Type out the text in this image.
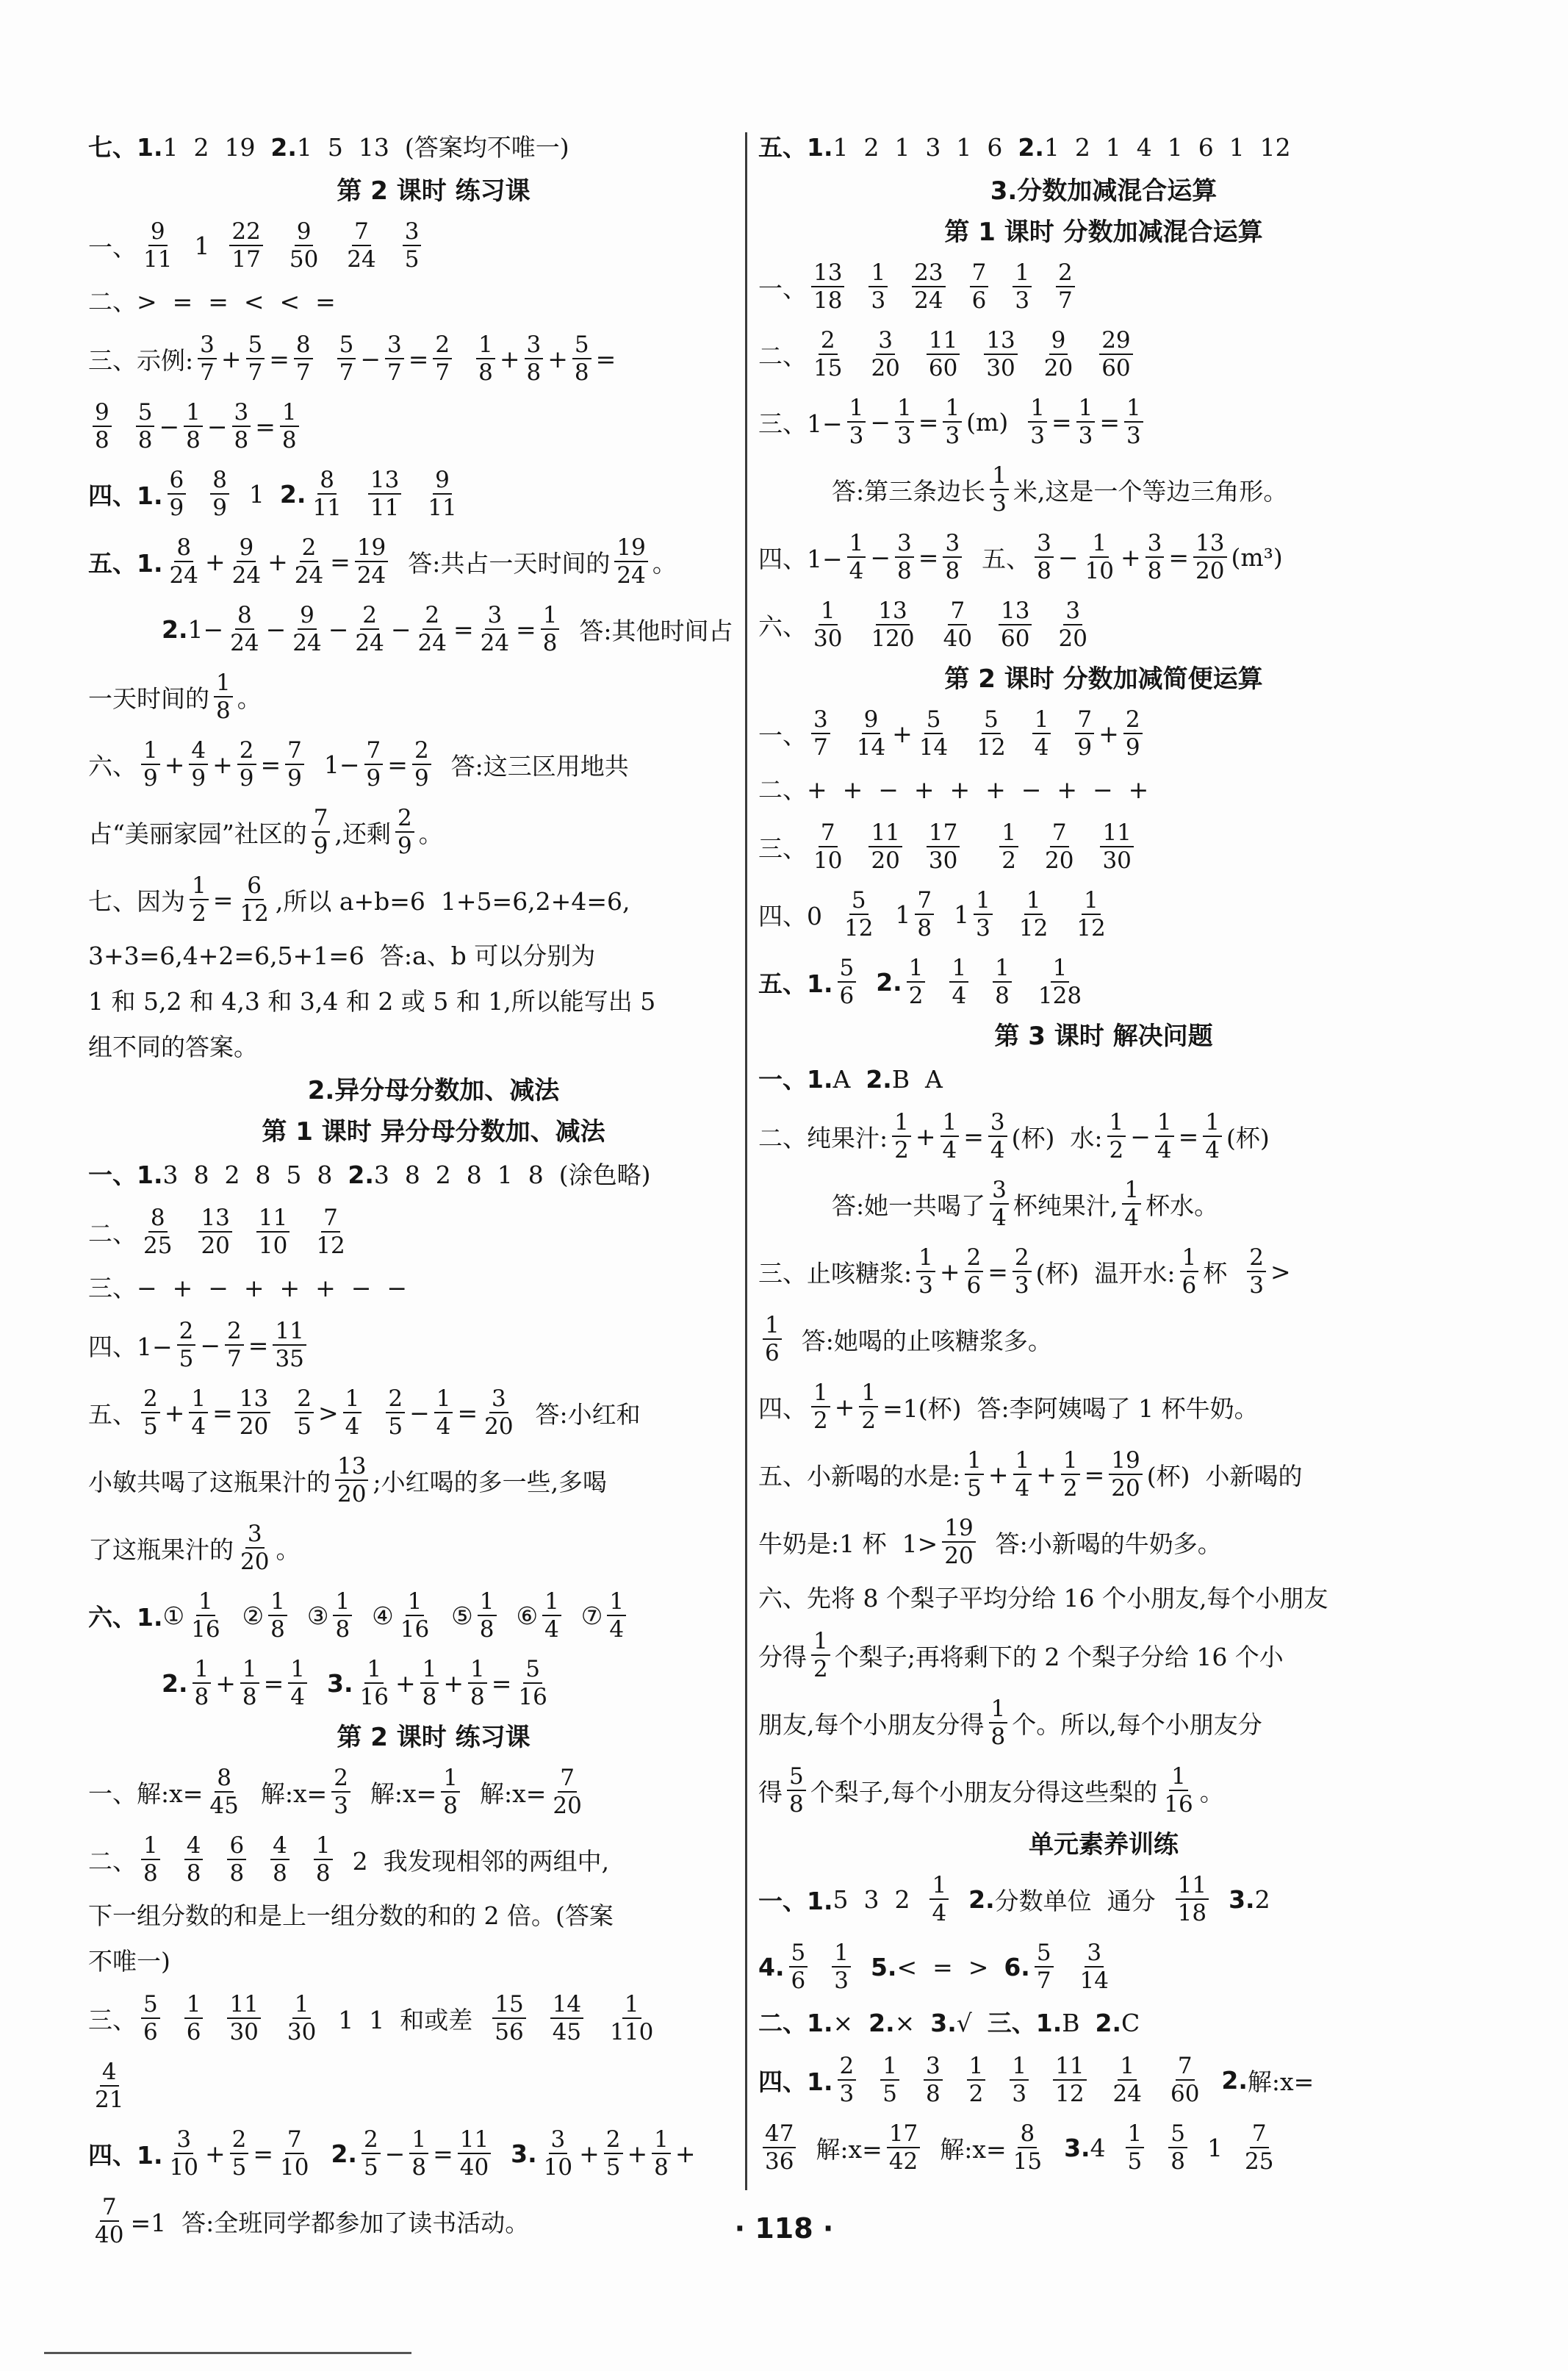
七、1. 1  2  19 2. 1  5  13  (答案均不唯一)
第 2 课时 练习课
一、 $\frac{9}{11} 1 \frac{22}{17}$
$\frac{9}{50}$
$\frac{7}{24}$
$\frac{3}{5}$
二、>  =  =  <  <  =
三、示例: $\frac{3}{7} + \frac{5}{7} = \frac{8}{7}$
$\frac{5}{7} - \frac{3}{7} = \frac{2}{7}$
$\frac{1}{8} + \frac{3}{8} + \frac{5}{8}$ =
$\frac{9}{8}$
$\frac{5}{8} - \frac{1}{8} - \frac{3}{8} = \frac{1}{8}$
四、1. $\frac{6}{9}$
$\frac{8}{9} 1$ 2. $\frac{8}{11}$
$\frac{13}{11}$
$\frac{9}{11}$
五、1. $\frac{8}{24} + \frac{9}{24} + \frac{2}{24} = \frac{19}{24}$ 答:共占一天时间的 $\frac{19}{24}$ 。
2. $1- \frac{8}{24} - \frac{9}{24} - \frac{2}{24} - \frac{2}{24} = \frac{3}{24} = \frac{1}{8}$ 答:其他时间占
一天时间的 $\frac{1}{8}$ 。
六、 $\frac{1}{9} + \frac{4}{9} + \frac{2}{9} = \frac{7}{9} 1- \frac{7}{9} = \frac{2}{9}$ 答:这三区用地共
占“美丽家园”社区的 $\frac{7}{9}$ ,还剩 $\frac{2}{9}$ 。
七、因为 $\frac{1}{2} = \frac{6}{12}$ ,所以 a+b=6  1+5=6,2+4=6,
3+3=6,4+2=6,5+1=6  答:a、b 可以分别为
1 和 5,2 和 4,3 和 3,4 和 2 或 5 和 1,所以能写出 5
组不同的答案。
2.异分母分数加、减法
第 1 课时 异分母分数加、减法
一、1. 3  8  2  8  5  8 2. 3  8  2  8  1  8  (涂色略)
二、 $\frac{8}{25}$
$\frac{13}{20}$
$\frac{11}{10}$
$\frac{7}{12}$
三、−  +  −  +  +  +  −  −
四、$1- \frac{2}{5} - \frac{2}{7} = \frac{11}{35}$
五、 $\frac{2}{5} + \frac{1}{4} = \frac{13}{20}$
$\frac{2}{5} > \frac{1}{4}$
$\frac{2}{5} - \frac{1}{4} = \frac{3}{20}$ 答:小红和
小敏共喝了这瓶果汁的 $\frac{13}{20}$ ;小红喝的多一些,多喝
了这瓶果汁的 $\frac{3}{20}$ 。
六、1. ① $\frac{1}{16}$ ② $\frac{1}{8}$ ③ $\frac{1}{8}$ ④ $\frac{1}{16}$ ⑤ $\frac{1}{8}$ ⑥ $\frac{1}{4}$ ⑦ $\frac{1}{4}$
2. $\frac{1}{8} + \frac{1}{8} = \frac{1}{4}$
3. $\frac{1}{16} + \frac{1}{8} + \frac{1}{8} = \frac{5}{16}$
第 2 课时 练习课
一、解:x= $\frac{8}{45}$ 解:x= $\frac{2}{3}$ 解:x= $\frac{1}{8}$ 解:x= $\frac{7}{20}$
二、 $\frac{1}{8}$
$\frac{4}{8}$
$\frac{6}{8}$
$\frac{4}{8}$
$\frac{1}{8} 2$  我发现相邻的两组中,
下一组分数的和是上一组分数的和的 2 倍。(答案
不唯一)
三、 $\frac{5}{6}$
$\frac{1}{6}$
$\frac{11}{30}$
$\frac{1}{30} 1$  1  和或差 $\frac{15}{56}$
$\frac{14}{45}$
$\frac{1}{110}$
$\frac{4}{21}$
四、1. $\frac{3}{10} + \frac{2}{5} = \frac{7}{10}$
2. $\frac{2}{5} - \frac{1}{8} = \frac{11}{40}$
3. $\frac{3}{10} + \frac{2}{5} + \frac{1}{8}$ +
$\frac{7}{40} =1$  答:全班同学都参加了读书活动。
五、1. 1  2  1  3  1  6 2. 1  2  1  4  1  6  1  12
3.分数加减混合运算
第 1 课时 分数加减混合运算
一、 $\frac{13}{18}$
$\frac{1}{3}$
$\frac{23}{24}$
$\frac{7}{6}$
$\frac{1}{3}$
$\frac{2}{7}$
二、 $\frac{2}{15}$
$\frac{3}{20}$
$\frac{11}{60}$
$\frac{13}{30}$
$\frac{9}{20}$
$\frac{29}{60}$
三、$1- \frac{1}{3} - \frac{1}{3} = \frac{1}{3} (m) \frac{1}{3} = \frac{1}{3} = \frac{1}{3}$
答:第三条边长 $\frac{1}{3}$ 米,这是一个等边三角形。
四、$1- \frac{1}{4} - \frac{3}{8} = \frac{3}{8}$ 五、 $\frac{3}{8} - \frac{1}{10} + \frac{3}{8} = \frac{13}{20} (m^3)$
六、 $\frac{1}{30}$
$\frac{13}{120}$
$\frac{7}{40}$
$\frac{13}{60}$
$\frac{3}{20}$
第 2 课时 分数加减简便运算
一、 $\frac{3}{7}$
$\frac{9}{14} + \frac{5}{14}$
$\frac{5}{12}$
$\frac{1}{4}$
$\frac{7}{9} + \frac{2}{9}$
二、+  +  −  +  +  +  −  +  −  +
三、 $\frac{7}{10}$
$\frac{11}{20}$
$\frac{17}{30}$
$\frac{1}{2}$
$\frac{7}{20}$
$\frac{11}{30}$
四、$0 \frac{5}{12} 1 \frac{7}{8} 1 \frac{1}{3}$
$\frac{1}{12}$
$\frac{1}{12}$
五、1. $\frac{5}{6}$
2. $\frac{1}{2}$
$\frac{1}{4}$
$\frac{1}{8}$
$\frac{1}{128}$
第 3 课时 解决问题
一、1. A 2. B  A
二、纯果汁: $\frac{1}{2} + \frac{1}{4} = \frac{3}{4}$ (杯)  水: $\frac{1}{2} - \frac{1}{4} = \frac{1}{4}$ (杯)
答:她一共喝了 $\frac{3}{4}$ 杯纯果汁, $\frac{1}{4}$ 杯水。
三、止咳糖浆: $\frac{1}{3} + \frac{2}{6} = \frac{2}{3}$ (杯)  温开水: $\frac{1}{6}$ 杯 $\frac{2}{3}$ >
$\frac{1}{6}$ 答:她喝的止咳糖浆多。
四、 $\frac{1}{2} + \frac{1}{2} =1$(杯)  答:李阿姨喝了 1 杯牛奶。
五、小新喝的水是: $\frac{1}{5} + \frac{1}{4} + \frac{1}{2} = \frac{19}{20}$ (杯)  小新喝的
牛奶是:1 杯  $1> \frac{19}{20}$ 答:小新喝的牛奶多。
六、先将 8 个梨子平均分给 16 个小朋友,每个小朋友
分得 $\frac{1}{2}$ 个梨子;再将剩下的 2 个梨子分给 16 个小
朋友,每个小朋友分得 $\frac{1}{8}$ 个。所以,每个小朋友分
得 $\frac{5}{8}$ 个梨子,每个小朋友分得这些梨的 $\frac{1}{16}$ 。
单元素养训练
一、1. 5  3  $2 \frac{1}{4}$
2. 分数单位  通分 $\frac{11}{18}$
3. 2
4. $\frac{5}{6}$
$\frac{1}{3}$
5. <  =  > 6. $\frac{5}{7}$
$\frac{3}{14}$
二、1. × 2. × 3. √ 三、1. B 2. C
四、1. $\frac{2}{3}$
$\frac{1}{5}$
$\frac{3}{8}$
$\frac{1}{2}$
$\frac{1}{3}$
$\frac{11}{12}$
$\frac{1}{24}$
$\frac{7}{60}$
2. 解:x=
$\frac{47}{36}$ 解:x= $\frac{17}{42}$ 解:x= $\frac{8}{15}$
3. $4 \frac{1}{5}$
$\frac{5}{8} 1 \frac{7}{25}$
· 118 ·
